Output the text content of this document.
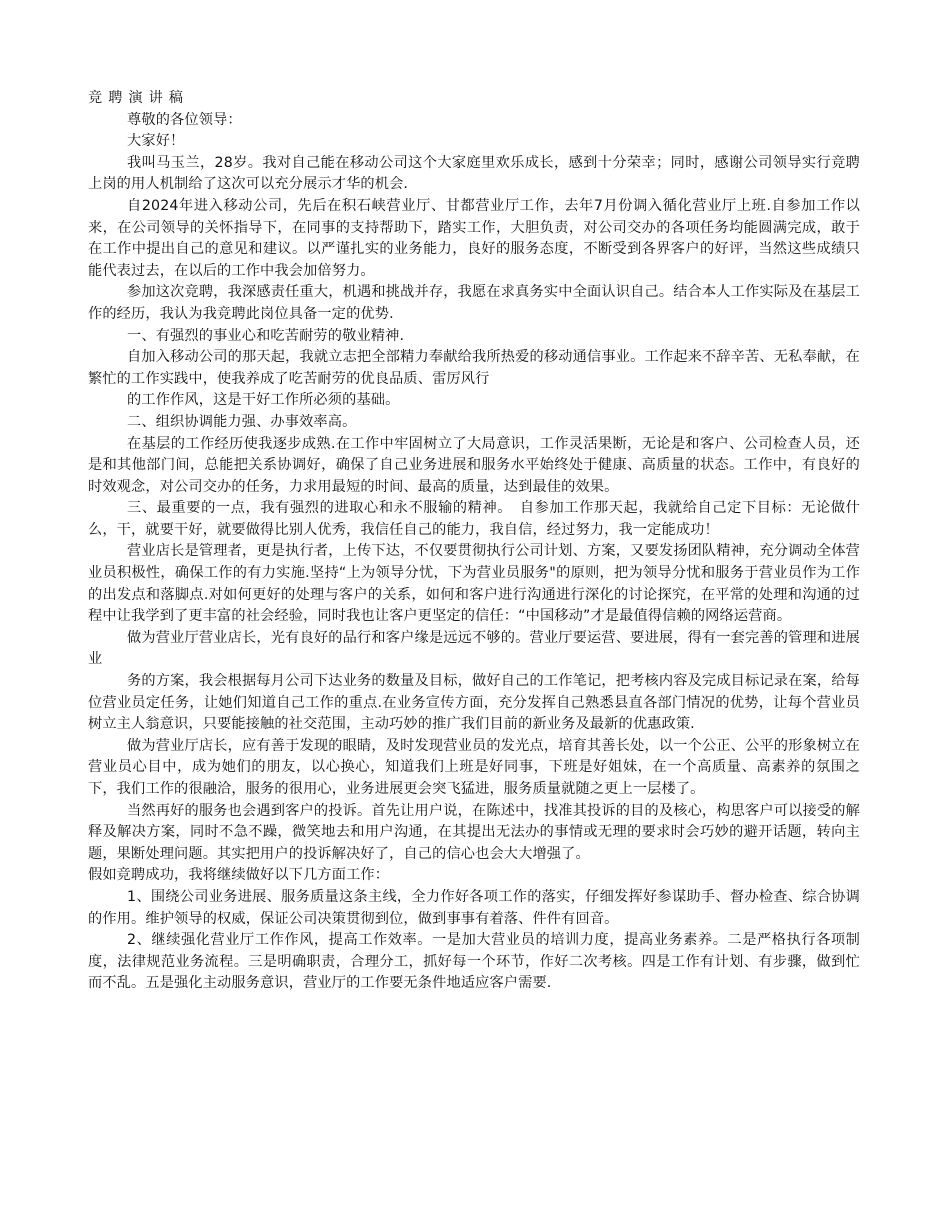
竞聘演讲稿

尊敬的各位领导：

大家好！

我叫马玉兰，28岁。我对自己能在移动公司这个大家庭里欢乐成长，感到十分荣幸；同时，感谢公司领导实行竞聘上岗的用人机制给了这次可以充分展示才华的机会.

自2024年进入移动公司，先后在积石峡营业厅、甘都营业厅工作，去年7月份调入循化营业厅上班.自参加工作以来，在公司领导的关怀指导下，在同事的支持帮助下，踏实工作，大胆负责，对公司交办的各项任务均能圆满完成，敢于在工作中提出自己的意见和建议。以严谨扎实的业务能力，良好的服务态度，不断受到各界客户的好评，当然这些成绩只能代表过去，在以后的工作中我会加倍努力。

参加这次竞聘，我深感责任重大，机遇和挑战并存，我愿在求真务实中全面认识自己。结合本人工作实际及在基层工作的经历，我认为我竞聘此岗位具备一定的优势.

一、有强烈的事业心和吃苦耐劳的敬业精神.

自加入移动公司的那天起，我就立志把全部精力奉献给我所热爱的移动通信事业。工作起来不辞辛苦、无私奉献，在繁忙的工作实践中，使我养成了吃苦耐劳的优良品质、雷厉风行

的工作作风，这是干好工作所必须的基础。

二、组织协调能力强、办事效率高。

在基层的工作经历使我逐步成熟.在工作中牢固树立了大局意识，工作灵活果断，无论是和客户、公司检查人员，还是和其他部门间，总能把关系协调好，确保了自己业务进展和服务水平始终处于健康、高质量的状态。工作中，有良好的时效观念，对公司交办的任务，力求用最短的时间、最高的质量，达到最佳的效果。

三、最重要的一点，我有强烈的进取心和永不服输的精神。　自参加工作那天起，我就给自己定下目标：无论做什么，干，就要干好，就要做得比别人优秀，我信任自己的能力，我自信，经过努力，我一定能成功！

营业店长是管理者，更是执行者，上传下达，不仅要贯彻执行公司计划、方案，又要发扬团队精神，充分调动全体营业员积极性，确保工作的有力实施.坚持“上为领导分忧，下为营业员服务"的原则，把为领导分忧和服务于营业员作为工作的出发点和落脚点.对如何更好的处理与客户的关系，如何和客户进行沟通进行深化的讨论探究，在平常的处理和沟通的过程中让我学到了更丰富的社会经验，同时我也让客户更坚定的信任：“中国移动”才是最值得信赖的网络运营商。

做为营业厅营业店长，光有良好的品行和客户缘是远远不够的。营业厅要运营、要进展，得有一套完善的管理和进展业

务的方案，我会根据每月公司下达业务的数量及目标，做好自己的工作笔记，把考核内容及完成目标记录在案，给每位营业员定任务，让她们知道自己工作的重点.在业务宣传方面，充分发挥自己熟悉县直各部门情况的优势，让每个营业员树立主人翁意识，只要能接触的社交范围，主动巧妙的推广我们目前的新业务及最新的优惠政策.

做为营业厅店长，应有善于发现的眼睛，及时发现营业员的发光点，培育其善长处，以一个公正、公平的形象树立在营业员心目中，成为她们的朋友，以心换心，知道我们上班是好同事，下班是好姐妹，在一个高质量、高素养的氛围之下，我们工作的很融洽，服务的很用心，业务进展更会突飞猛进，服务质量就随之更上一层楼了。

当然再好的服务也会遇到客户的投诉。首先让用户说，在陈述中，找准其投诉的目的及核心，构思客户可以接受的解释及解决方案，同时不急不躁，微笑地去和用户沟通，在其提出无法办的事情或无理的要求时会巧妙的避开话题，转向主题，果断处理问题。其实把用户的投诉解决好了，自己的信心也会大大增强了。

假如竞聘成功，我将继续做好以下几方面工作：

1、围绕公司业务进展、服务质量这条主线，全力作好各项工作的落实，仔细发挥好参谋助手、督办检查、综合协调的作用。维护领导的权威，保证公司决策贯彻到位，做到事事有着落、件件有回音。

2、继续强化营业厅工作作风，提高工作效率。一是加大营业员的培训力度，提高业务素养。二是严格执行各项制度，法律规范业务流程。三是明确职责，合理分工，抓好每一个环节，作好二次考核。四是工作有计划、有步骤，做到忙而不乱。五是强化主动服务意识，营业厅的工作要无条件地适应客户需要.
